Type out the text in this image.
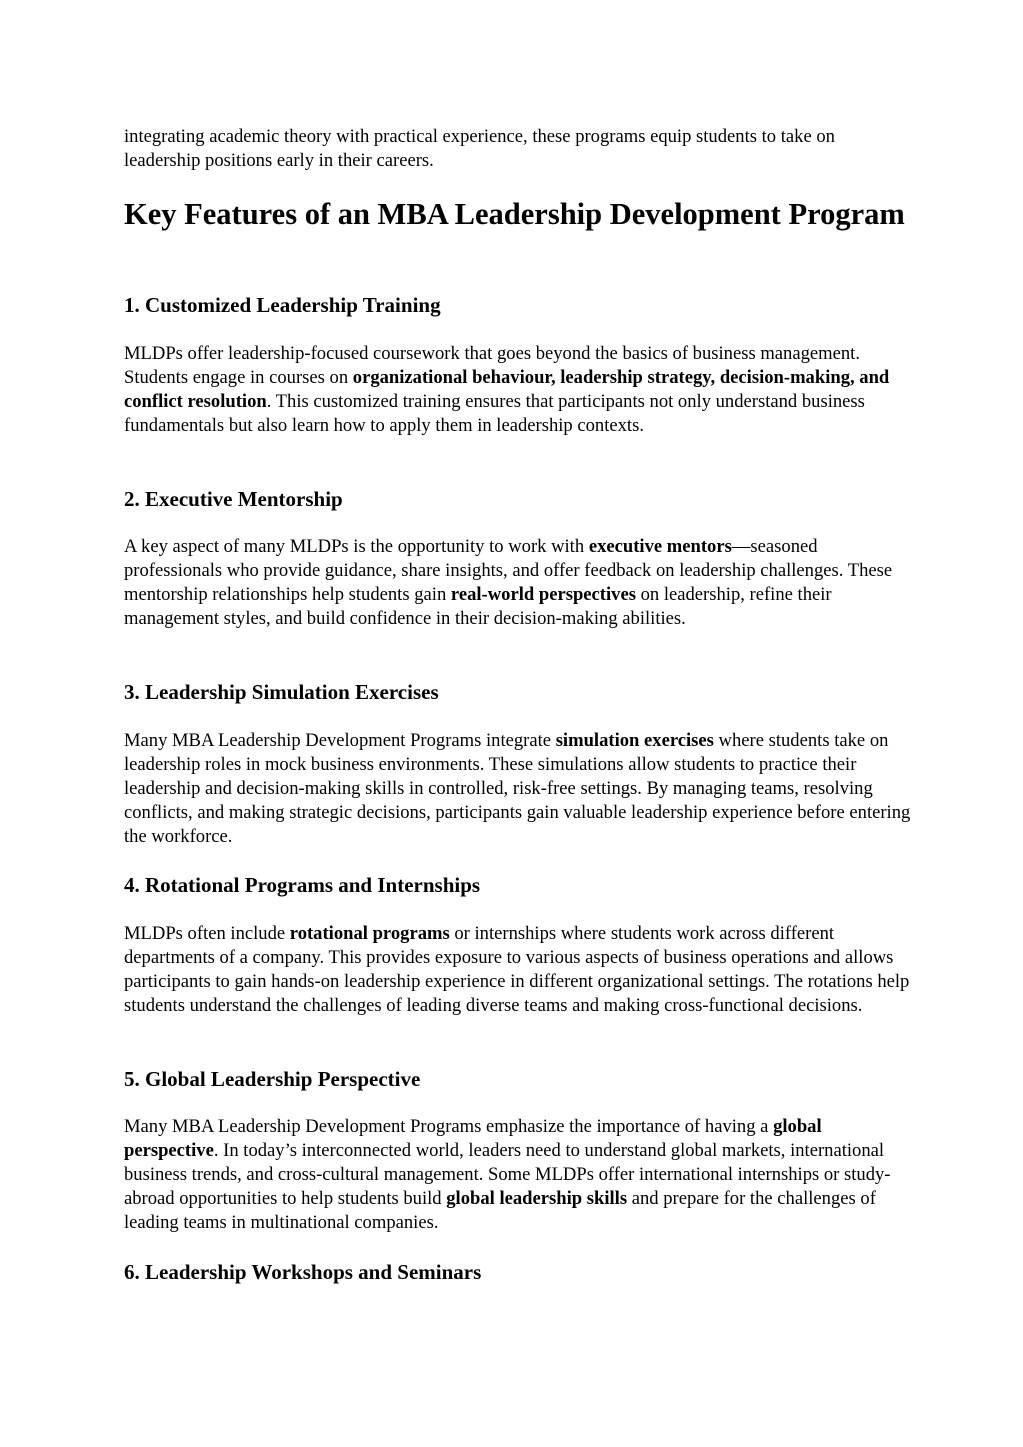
integrating academic theory with practical experience, these programs equip students to take on leadership positions early in their careers.

Key Features of an MBA Leadership Development Program
1. Customized Leadership Training

MLDPs offer leadership-focused coursework that goes beyond the basics of business management. Students engage in courses on organizational behaviour, leadership strategy, decision-making, and conflict resolution. This customized training ensures that participants not only understand business fundamentals but also learn how to apply them in leadership contexts.

2. Executive Mentorship

A key aspect of many MLDPs is the opportunity to work with executive mentors—seasoned professionals who provide guidance, share insights, and offer feedback on leadership challenges. These mentorship relationships help students gain real-world perspectives on leadership, refine their management styles, and build confidence in their decision-making abilities.

3. Leadership Simulation Exercises

Many MBA Leadership Development Programs integrate simulation exercises where students take on leadership roles in mock business environments. These simulations allow students to practice their leadership and decision-making skills in controlled, risk-free settings. By managing teams, resolving conflicts, and making strategic decisions, participants gain valuable leadership experience before entering the workforce.

4. Rotational Programs and Internships

MLDPs often include rotational programs or internships where students work across different departments of a company. This provides exposure to various aspects of business operations and allows participants to gain hands-on leadership experience in different organizational settings. The rotations help students understand the challenges of leading diverse teams and making cross-functional decisions.

5. Global Leadership Perspective

Many MBA Leadership Development Programs emphasize the importance of having a global perspective. In today’s interconnected world, leaders need to understand global markets, international business trends, and cross-cultural management. Some MLDPs offer international internships or study-abroad opportunities to help students build global leadership skills and prepare for the challenges of leading teams in multinational companies.

6. Leadership Workshops and Seminars
